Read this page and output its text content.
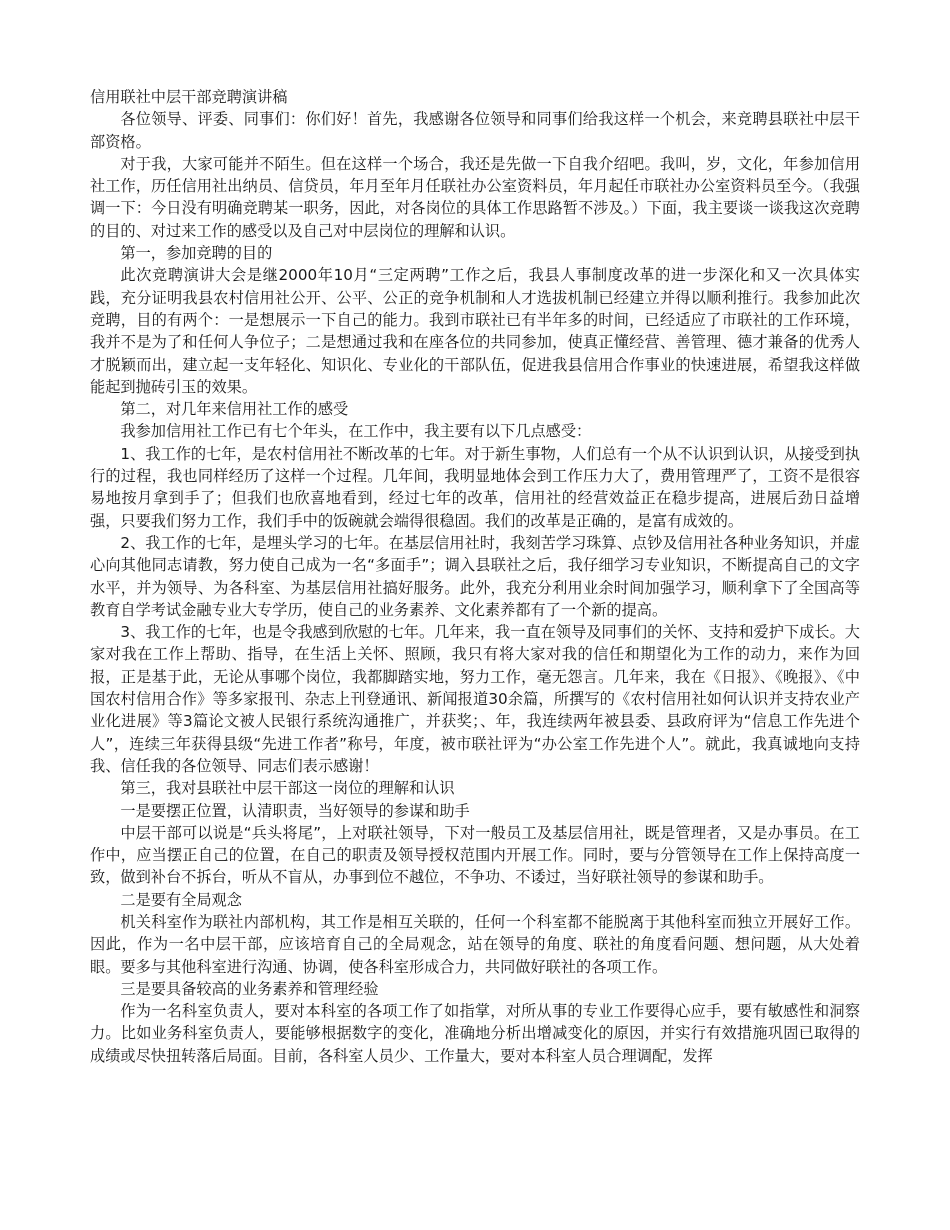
信用联社中层干部竞聘演讲稿

各位领导、评委、同事们：你们好！首先，我感谢各位领导和同事们给我这样一个机会，来竞聘县联社中层干部资格。

对于我，大家可能并不陌生。但在这样一个场合，我还是先做一下自我介绍吧。我叫，岁，文化，年参加信用社工作，历任信用社出纳员、信贷员，年月至年月任联社办公室资料员，年月起任市联社办公室资料员至今。（我强调一下：今日没有明确竞聘某一职务，因此，对各岗位的具体工作思路暂不涉及。）下面，我主要谈一谈我这次竞聘的目的、对过来工作的感受以及自己对中层岗位的理解和认识。

第一，参加竞聘的目的

此次竞聘演讲大会是继2000年10月“三定两聘”工作之后，我县人事制度改革的进一步深化和又一次具体实践，充分证明我县农村信用社公开、公平、公正的竞争机制和人才选拔机制已经建立并得以顺利推行。我参加此次竞聘，目的有两个：一是想展示一下自己的能力。我到市联社已有半年多的时间，已经适应了市联社的工作环境，我并不是为了和任何人争位子；二是想通过我和在座各位的共同参加，使真正懂经营、善管理、德才兼备的优秀人才脱颖而出，建立起一支年轻化、知识化、专业化的干部队伍，促进我县信用合作事业的快速进展，希望我这样做能起到抛砖引玉的效果。

第二，对几年来信用社工作的感受

我参加信用社工作已有七个年头，在工作中，我主要有以下几点感受：

1、我工作的七年，是农村信用社不断改革的七年。对于新生事物，人们总有一个从不认识到认识，从接受到执行的过程，我也同样经历了这样一个过程。几年间，我明显地体会到工作压力大了，费用管理严了，工资不是很容易地按月拿到手了；但我们也欣喜地看到，经过七年的改革，信用社的经营效益正在稳步提高，进展后劲日益增强，只要我们努力工作，我们手中的饭碗就会端得很稳固。我们的改革是正确的，是富有成效的。

2、我工作的七年，是埋头学习的七年。在基层信用社时，我刻苦学习珠算、点钞及信用社各种业务知识，并虚心向其他同志请教，努力使自己成为一名“多面手”；调入县联社之后，我仔细学习专业知识，不断提高自己的文字水平，并为领导、为各科室、为基层信用社搞好服务。此外，我充分利用业余时间加强学习，顺利拿下了全国高等教育自学考试金融专业大专学历，使自己的业务素养、文化素养都有了一个新的提高。

3、我工作的七年，也是令我感到欣慰的七年。几年来，我一直在领导及同事们的关怀、支持和爱护下成长。大家对我在工作上帮助、指导，在生活上关怀、照顾，我只有将大家对我的信任和期望化为工作的动力，来作为回报，正是基于此，无论从事哪个岗位，我都脚踏实地，努力工作，毫无怨言。几年来，我在《日报》、《晚报》、《中国农村信用合作》等多家报刊、杂志上刊登通讯、新闻报道30余篇，所撰写的《农村信用社如何认识并支持农业产业化进展》等3篇论文被人民银行系统沟通推广，并获奖；、年，我连续两年被县委、县政府评为“信息工作先进个人”，连续三年获得县级“先进工作者”称号，年度，被市联社评为“办公室工作先进个人”。就此，我真诚地向支持我、信任我的各位领导、同志们表示感谢！

第三，我对县联社中层干部这一岗位的理解和认识

一是要摆正位置，认清职责，当好领导的参谋和助手

中层干部可以说是“兵头将尾”，上对联社领导，下对一般员工及基层信用社，既是管理者，又是办事员。在工作中，应当摆正自己的位置，在自己的职责及领导授权范围内开展工作。同时，要与分管领导在工作上保持高度一致，做到补台不拆台，听从不盲从，办事到位不越位，不争功、不诿过，当好联社领导的参谋和助手。

二是要有全局观念

机关科室作为联社内部机构，其工作是相互关联的，任何一个科室都不能脱离于其他科室而独立开展好工作。因此，作为一名中层干部，应该培育自己的全局观念，站在领导的角度、联社的角度看问题、想问题，从大处着眼。要多与其他科室进行沟通、协调，使各科室形成合力，共同做好联社的各项工作。

三是要具备较高的业务素养和管理经验

作为一名科室负责人，要对本科室的各项工作了如指掌，对所从事的专业工作要得心应手，要有敏感性和洞察力。比如业务科室负责人，要能够根据数字的变化，准确地分析出增减变化的原因，并实行有效措施巩固已取得的成绩或尽快扭转落后局面。目前，各科室人员少、工作量大，要对本科室人员合理调配，发挥
